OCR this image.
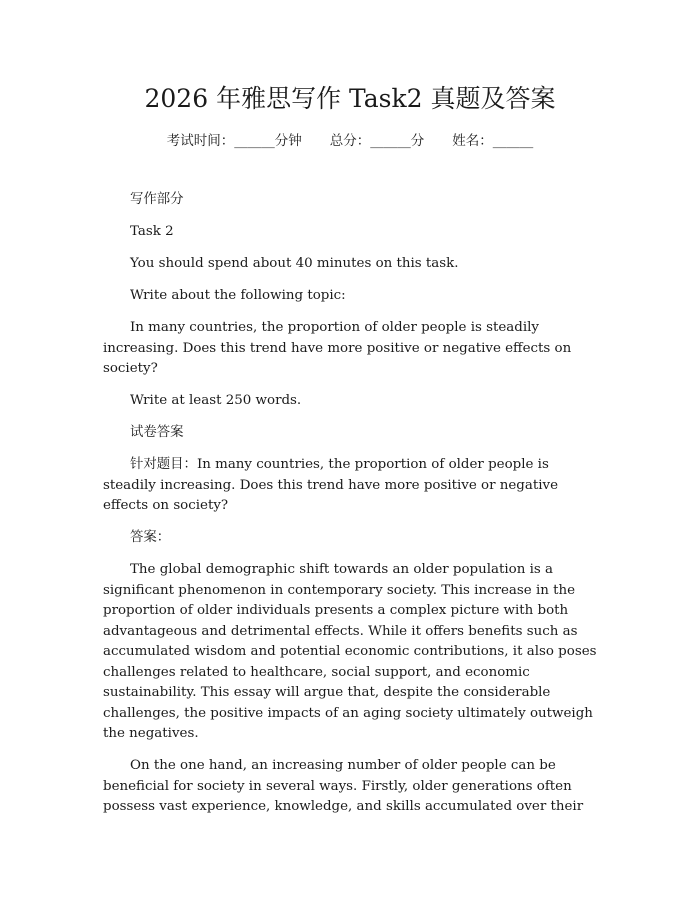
2026 年雅思写作 Task2 真题及答案
考试时间：______分钟 总分：______分 姓名：______

写作部分

Task 2

You should spend about 40 minutes on this task.

Write about the following topic:

In many countries, the proportion of older people is steadily increasing. Does this trend have more positive or negative effects on society?

Write at least 250 words.

试卷答案

针对题目：In many countries, the proportion of older people is steadily increasing. Does this trend have more positive or negative effects on society?

答案：

The global demographic shift towards an older population is a significant phenomenon in contemporary society. This increase in the proportion of older individuals presents a complex picture with both advantageous and detrimental effects. While it offers benefits such as accumulated wisdom and potential economic contributions, it also poses challenges related to healthcare, social support, and economic sustainability. This essay will argue that, despite the considerable challenges, the positive impacts of an aging society ultimately outweigh the negatives.

On the one hand, an increasing number of older people can be beneficial for society in several ways. Firstly, older generations often possess vast experience, knowledge, and skills accumulated over their
